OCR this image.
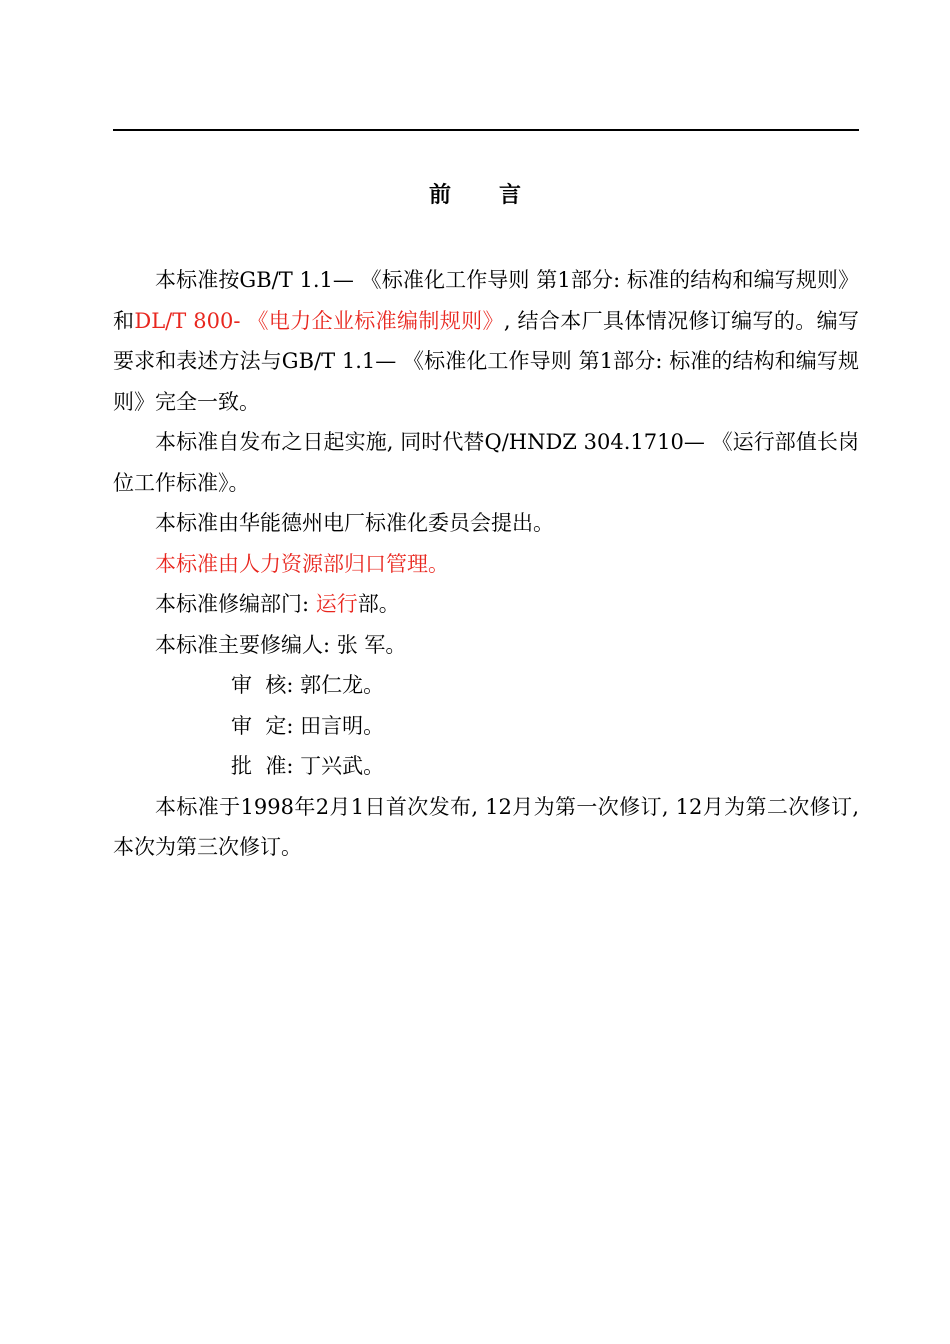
前 言

本标准按GB/T 1.1— 《标准化工作导则 第1部分: 标准的结构和编写规则》和DL/T 800- 《电力企业标准编制规则》, 结合本厂具体情况修订编写的。编写要求和表述方法与GB/T 1.1— 《标准化工作导则 第1部分: 标准的结构和编写规则》完全一致。

本标准自发布之日起实施, 同时代替Q/HNDZ 304.1710— 《运行部值长岗位工作标准》。

本标准由华能德州电厂标准化委员会提出。

本标准由人力资源部归口管理。

本标准修编部门: 运行部。

本标准主要修编人: 张 军。

审  核: 郭仁龙。

审  定: 田言明。

批  准: 丁兴武。

本标准于1998年2月1日首次发布, 12月为第一次修订, 12月为第二次修订, 本次为第三次修订。
